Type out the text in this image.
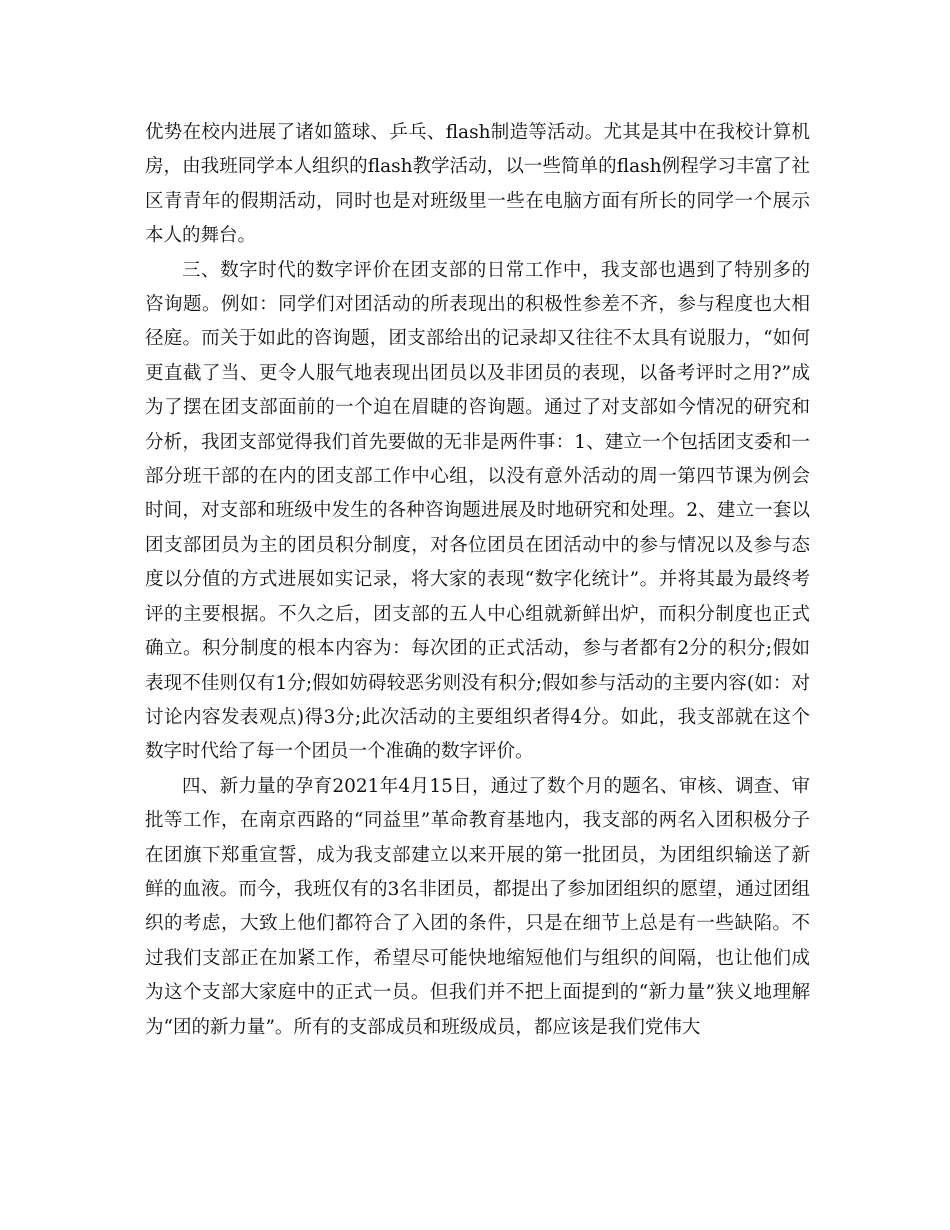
优势在校内进展了诸如篮球、乒乓、flash制造等活动。尤其是其中在我校计算机房，由我班同学本人组织的flash教学活动，以一些简单的flash例程学习丰富了社区青青年的假期活动，同时也是对班级里一些在电脑方面有所长的同学一个展示本人的舞台。

三、数字时代的数字评价在团支部的日常工作中，我支部也遇到了特别多的咨询题。例如：同学们对团活动的所表现出的积极性参差不齐，参与程度也大相径庭。而关于如此的咨询题，团支部给出的记录却又往往不太具有说服力，“如何更直截了当、更令人服气地表现出团员以及非团员的表现，以备考评时之用?”成为了摆在团支部面前的一个迫在眉睫的咨询题。通过了对支部如今情况的研究和分析，我团支部觉得我们首先要做的无非是两件事：1、建立一个包括团支委和一部分班干部的在内的团支部工作中心组，以没有意外活动的周一第四节课为例会时间，对支部和班级中发生的各种咨询题进展及时地研究和处理。2、建立一套以团支部团员为主的团员积分制度，对各位团员在团活动中的参与情况以及参与态度以分值的方式进展如实记录，将大家的表现“数字化统计”。并将其最为最终考评的主要根据。不久之后，团支部的五人中心组就新鲜出炉，而积分制度也正式确立。积分制度的根本内容为：每次团的正式活动，参与者都有2分的积分;假如表现不佳则仅有1分;假如妨碍较恶劣则没有积分;假如参与活动的主要内容(如：对讨论内容发表观点)得3分;此次活动的主要组织者得4分。如此，我支部就在这个数字时代给了每一个团员一个准确的数字评价。

四、新力量的孕育2021年4月15日，通过了数个月的题名、审核、调查、审批等工作，在南京西路的“同益里”革命教育基地内，我支部的两名入团积极分子在团旗下郑重宣誓，成为我支部建立以来开展的第一批团员，为团组织输送了新鲜的血液。而今，我班仅有的3名非团员，都提出了参加团组织的愿望，通过团组织的考虑，大致上他们都符合了入团的条件，只是在细节上总是有一些缺陷。不过我们支部正在加紧工作，希望尽可能快地缩短他们与组织的间隔，也让他们成为这个支部大家庭中的正式一员。但我们并不把上面提到的“新力量”狭义地理解为“团的新力量”。所有的支部成员和班级成员，都应该是我们党伟大
